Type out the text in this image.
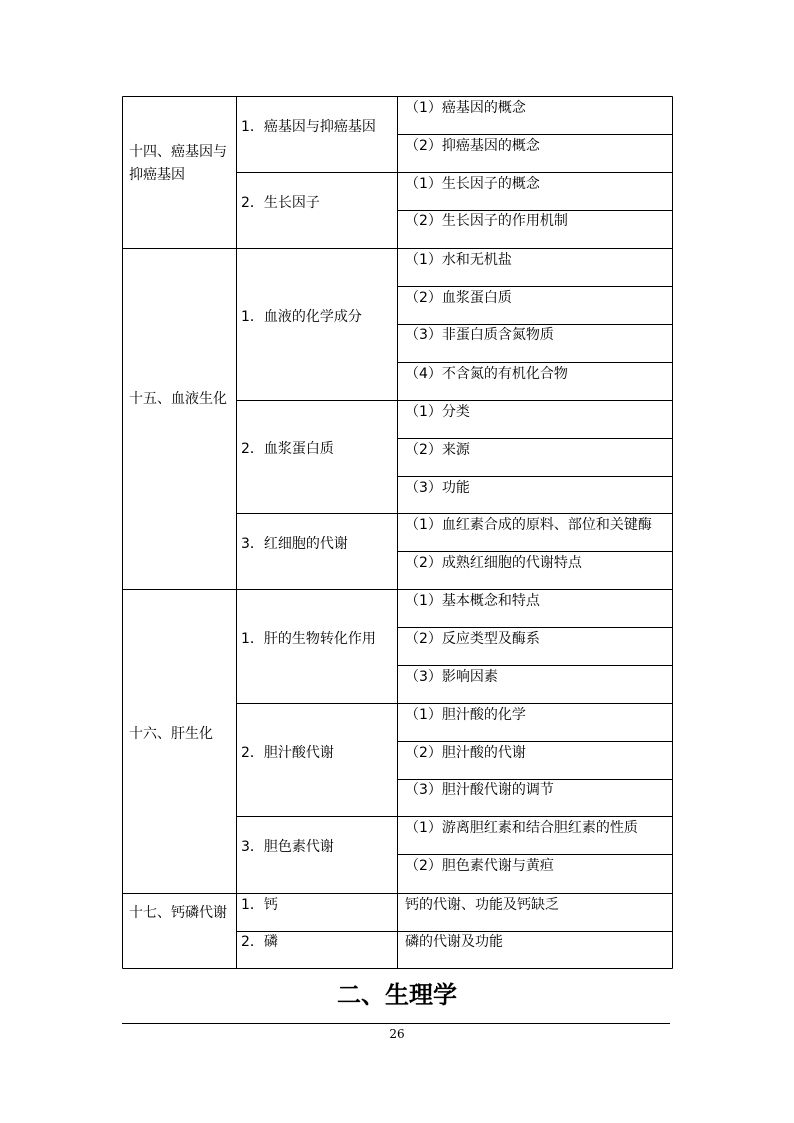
十四、癌基因与抑癌基因
1．癌基因与抑癌基因
（1）癌基因的概念
（2）抑癌基因的概念
2．生长因子
（1）生长因子的概念
（2）生长因子的作用机制
十五、血液生化
1．血液的化学成分
（1）水和无机盐
（2）血浆蛋白质
（3）非蛋白质含氮物质
（4）不含氮的有机化合物
2．血浆蛋白质
（1）分类
（2）来源
（3）功能
3．红细胞的代谢
（1）血红素合成的原料、部位和关键酶
（2）成熟红细胞的代谢特点
十六、肝生化
1．肝的生物转化作用
（1）基本概念和特点
（2）反应类型及酶系
（3）影响因素
2．胆汁酸代谢
（1）胆汁酸的化学
（2）胆汁酸的代谢
（3）胆汁酸代谢的调节
3．胆色素代谢
（1）游离胆红素和结合胆红素的性质
（2）胆色素代谢与黄疸
十七、钙磷代谢 1．钙	钙的代谢、功能及钙缺乏
2．磷	磷的代谢及功能
二、生理学
26
